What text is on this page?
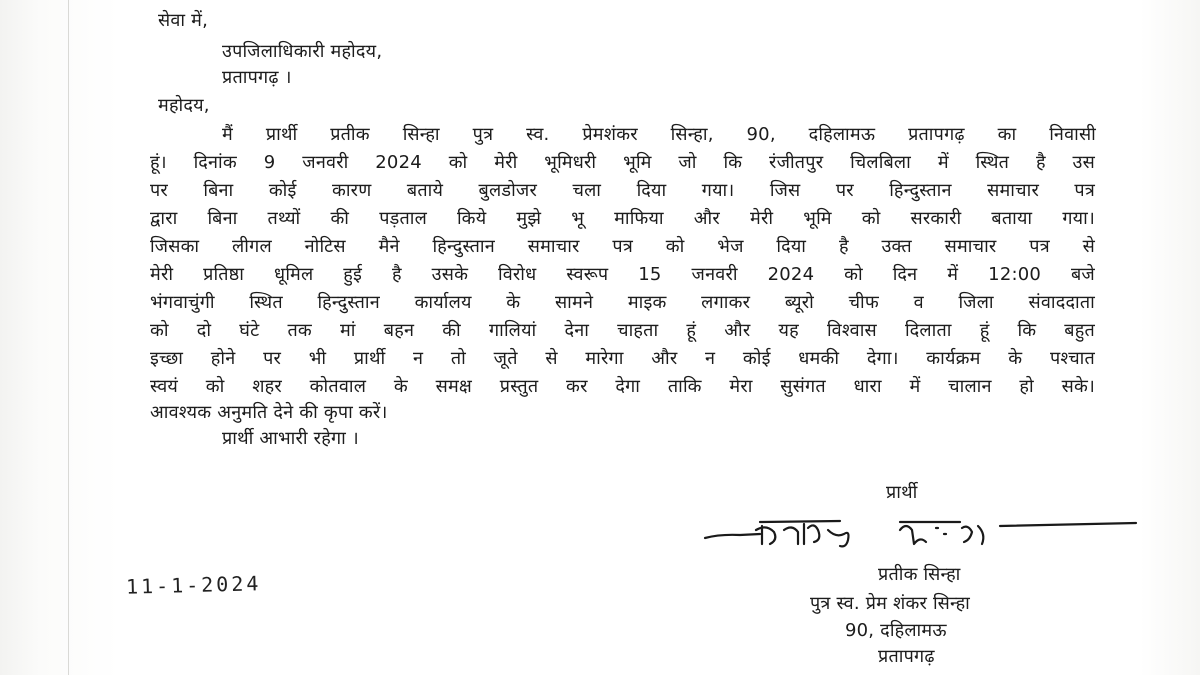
सेवा में,
उपजिलाधिकारी महोदय,
प्रतापगढ़ ।
महोदय,
मैं प्रार्थी प्रतीक सिन्हा पुत्र स्व. प्रेमशंकर सिन्हा, 90, दहिलामऊ प्रतापगढ़ का निवासी
हूं। दिनांक 9 जनवरी 2024 को मेरी भूमिधरी भूमि जो कि रंजीतपुर चिलबिला में स्थित है उस
पर बिना कोई कारण बताये बुलडोजर चला दिया गया। जिस पर हिन्दुस्तान समाचार पत्र
द्वारा बिना तथ्यों की पड़ताल किये मुझे भू माफिया और मेरी भूमि को सरकारी बताया गया।
जिसका लीगल नोटिस मैने हिन्दुस्तान समाचार पत्र को भेज दिया है उक्त समाचार पत्र से
मेरी प्रतिष्ठा धूमिल हुई है उसके विरोध स्वरूप 15 जनवरी 2024 को दिन में 12:00 बजे
भंगवाचुंगी स्थित हिन्दुस्तान कार्यालय के सामने माइक लगाकर ब्यूरो चीफ व जिला संवाददाता
को दो घंटे तक मां बहन की गालियां देना चाहता हूं और यह विश्वास दिलाता हूं कि बहुत
इच्छा होने पर भी प्रार्थी न तो जूते से मारेगा और न कोई धमकी देगा। कार्यक्रम के पश्चात
स्वयं को शहर कोतवाल के समक्ष प्रस्तुत कर देगा ताकि मेरा सुसंगत धारा में चालान हो सके।
आवश्यक अनुमति देने की कृपा करें।
प्रार्थी आभारी रहेगा ।
प्रार्थी
11-1-2024	प्रतीक सिन्हा
पुत्र स्व. प्रेम शंकर सिन्हा
90, दहिलामऊ
प्रतापगढ़
